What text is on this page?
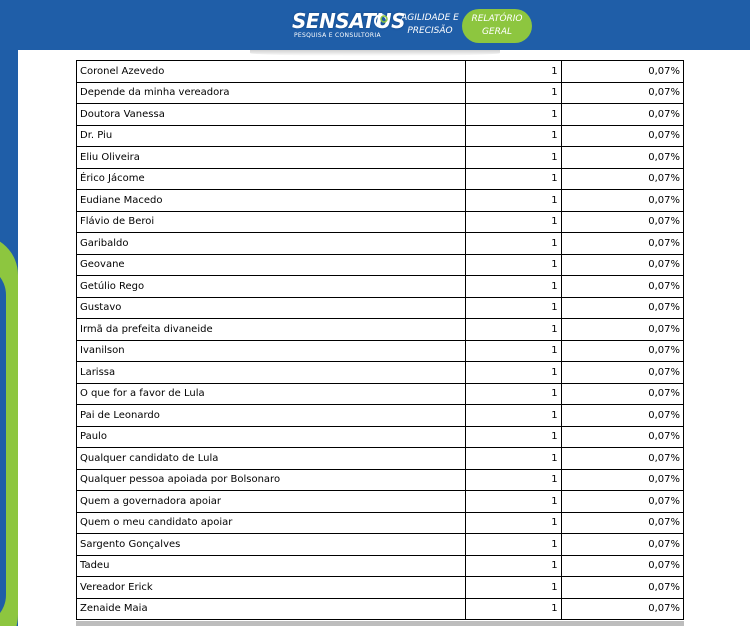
SENSATUS
PESQUISA E CONSULTORIA
AGILIDADE E
PRECISÃO
RELATÓRIO
GERAL
Coronel Azevedo	1	0,07%
Depende da minha vereadora	1	0,07%
Doutora Vanessa	1	0,07%
Dr. Piu	1	0,07%
Eliu Oliveira	1	0,07%
Érico Jácome	1	0,07%
Eudiane Macedo	1	0,07%
Flávio de Beroi	1	0,07%
Garibaldo	1	0,07%
Geovane	1	0,07%
Getúlio Rego	1	0,07%
Gustavo	1	0,07%
Irmã da prefeita divaneide	1	0,07%
Ivanilson	1	0,07%
Larissa	1	0,07%
O que for a favor de Lula	1	0,07%
Pai de Leonardo	1	0,07%
Paulo	1	0,07%
Qualquer candidato de Lula	1	0,07%
Qualquer pessoa apoiada por Bolsonaro	1	0,07%
Quem a governadora apoiar	1	0,07%
Quem o meu candidato apoiar	1	0,07%
Sargento Gonçalves	1	0,07%
Tadeu	1	0,07%
Vereador Erick	1	0,07%
Zenaide Maia	1	0,07%
